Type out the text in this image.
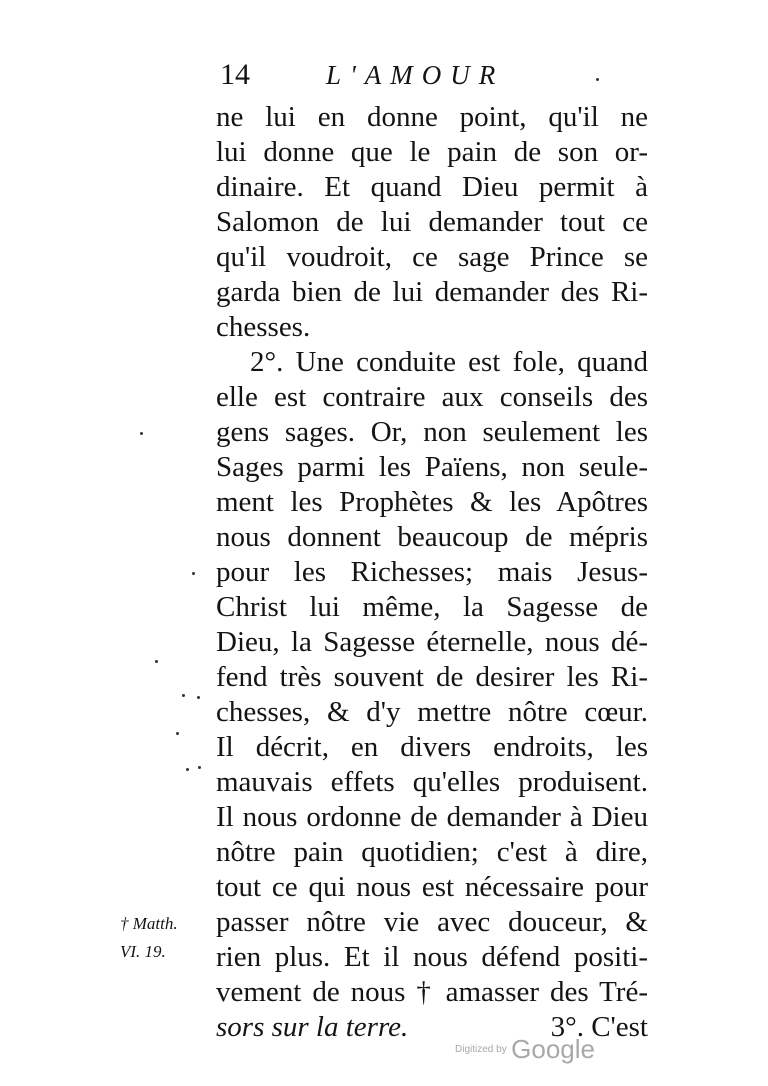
14	L'AMOUR
ne lui en donne point, qu'il ne
lui donne que le pain de son or-
dinaire. Et quand Dieu permit à
Salomon de lui demander tout ce
qu'il voudroit, ce sage Prince se
garda bien de lui demander des Ri-
chesses.
2°. Une conduite est fole, quand
elle est contraire aux conseils des
gens sages. Or, non seulement les
Sages parmi les Païens, non seule-
ment les Prophètes & les Apôtres
nous donnent beaucoup de mépris
pour les Richesses; mais Jesus-
Christ lui même, la Sagesse de
Dieu, la Sagesse éternelle, nous dé-
fend très souvent de desirer les Ri-
chesses, & d'y mettre nôtre cœur.
Il décrit, en divers endroits, les
mauvais effets qu'elles produisent.
Il nous ordonne de demander à Dieu
nôtre pain quotidien; c'est à dire,
tout ce qui nous est nécessaire pour
passer nôtre vie avec douceur, &
rien plus. Et il nous défend positi-
vement de nous † amasser des Tré-
sors sur la terre.	3°. C'est
† Matth.
VI. 19.
Digitized by Google
